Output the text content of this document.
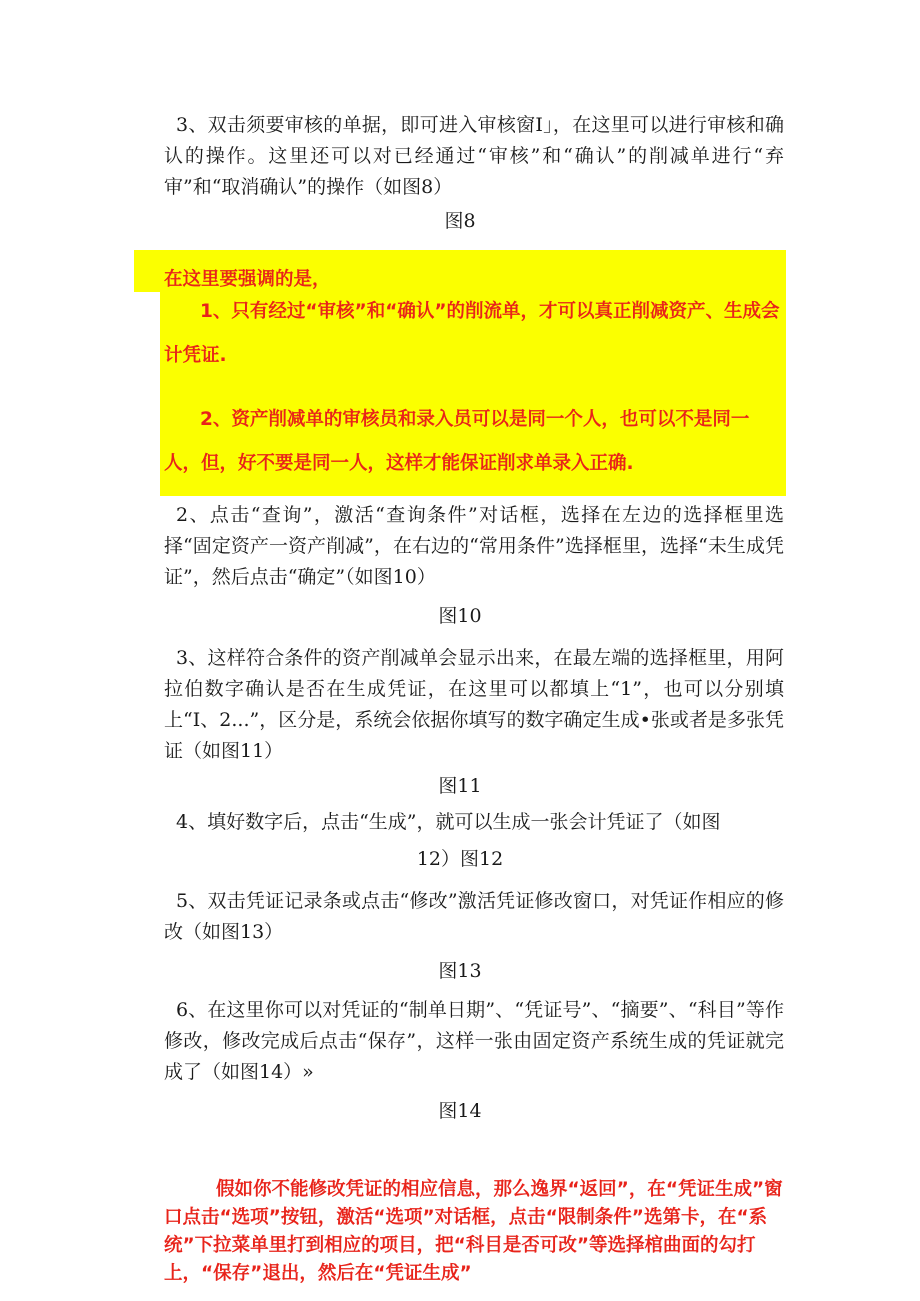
3、双击须要审核的单据，即可进入审核窗I」，在这里可以进行审核和确认的操作。这里还可以对已经通过“审核”和“确认”的削减单进行“弃审”和“取消确认”的操作（如图8）

图8

在这里要强调的是，

1、只有经过“审核”和“确认”的削流单，才可以真正削减资产、生成会计凭证.

2、资产削减单的审核员和录入员可以是同一个人，也可以不是同一人，但，好不要是同一人，这样才能保证削求单录入正确.

2、点击“查询”，激活“查询条件”对话框，选择在左边的选择框里选择“固定资产一资产削减”，在右边的“常用条件”选择框里，选择“未生成凭证”，然后点击“确定”（如图10）

图10

3、这样符合条件的资产削减单会显示出来，在最左端的选择框里，用阿拉伯数字确认是否在生成凭证，在这里可以都填上“1”，也可以分别填上“I、2...”，区分是，系统会依据你填写的数字确定生成•张或者是多张凭证（如图11）

图11

4、填好数字后，点击“生成”，就可以生成一张会计凭证了（如图

12）图12

5、双击凭证记录条或点击“修改”激活凭证修改窗口，对凭证作相应的修改（如图13）

图13

6、在这里你可以对凭证的“制单日期”、“凭证号”、“摘要”、“科目”等作修改，修改完成后点击“保存”，这样一张由固定资产系统生成的凭证就完成了（如图14）»

图14

假如你不能修改凭证的相应信息，那么逸界“返回”，在“凭证生成”窗口点击“选项”按钮，激活“选项”对话框，点击“限制条件”选第卡，在“系统”下拉菜单里打到相应的项目，把“科目是否可改”等选择棺曲面的勾打上，“保存”退出，然后在“凭证生成”
